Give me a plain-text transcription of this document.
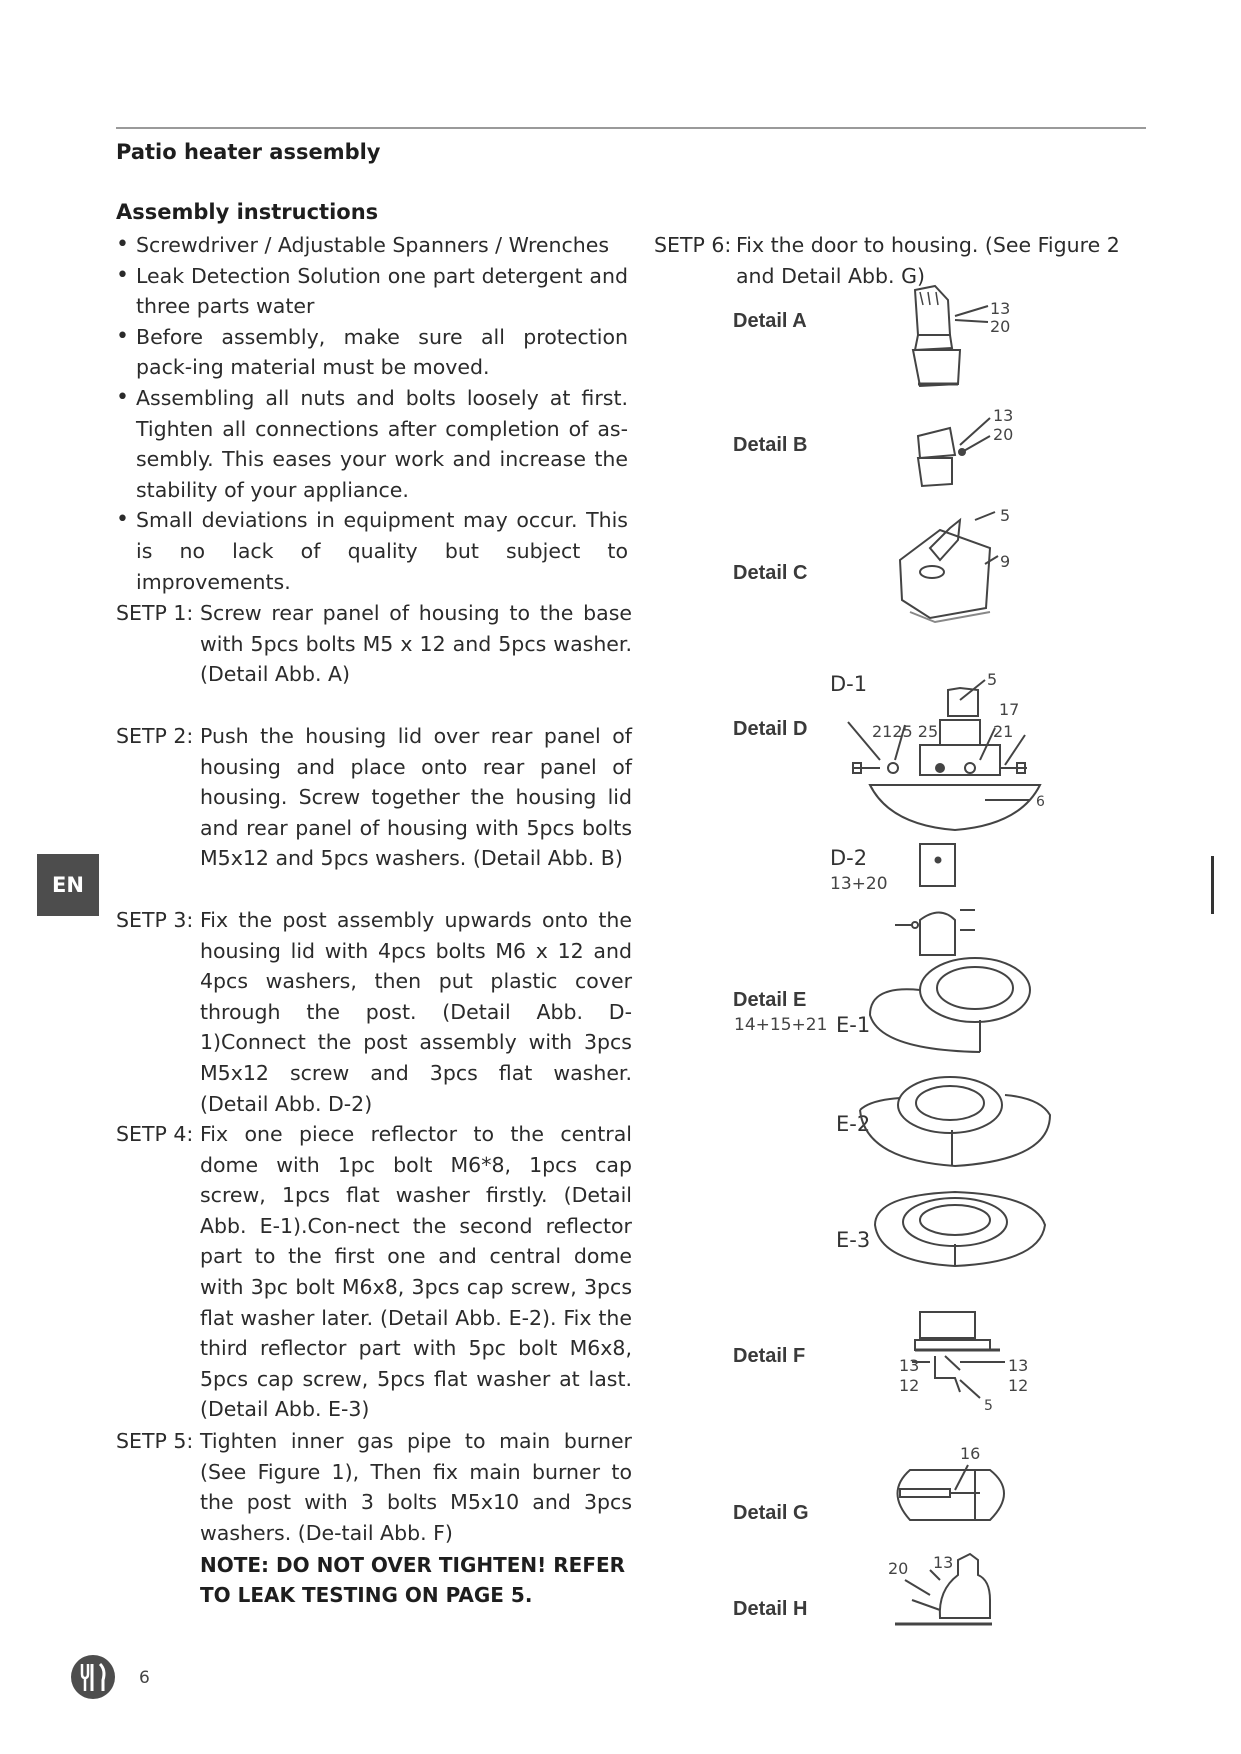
Patio heater assembly
Assembly instructions
• Screwdriver / Adjustable Spanners / Wrenches
• Leak Detection Solution one part detergent and three parts water
• Before assembly, make sure all protection pack-ing material must be moved.
• Assembling all nuts and bolts loosely at first. Tighten all connections after completion of as-sembly. This eases your work and increase the stability of your appliance.
• Small deviations in equipment may occur. This is no lack of quality but subject to improvements.
SETP 1: Screw rear panel of housing to the base with 5pcs bolts M5 x 12 and 5pcs washer. (Detail Abb. A)
SETP 2: Push the housing lid over rear panel of housing and place onto rear panel of housing. Screw together the housing lid and rear panel of housing with 5pcs bolts M5x12 and 5pcs washers. (Detail Abb. B)
SETP 3: Fix the post assembly upwards onto the housing lid with 4pcs bolts M6 x 12 and 4pcs washers, then put plastic cover through the post. (Detail Abb. D-1)Connect the post assembly with 3pcs M5x12 screw and 3pcs flat washer. (Detail Abb. D-2)
SETP 4: Fix one piece reflector to the central dome with 1pc bolt M6*8, 1pcs cap screw, 1pcs flat washer firstly. (Detail Abb. E-1).Con-nect the second reflector part to the first one and central dome with 3pc bolt M6x8, 3pcs cap screw, 3pcs flat washer later. (Detail Abb. E-2). Fix the third reflector part with 5pc bolt M6x8, 5pcs cap screw, 5pcs flat washer at last. (Detail Abb. E-3)
SETP 5: Tighten inner gas pipe to main burner (See Figure 1), Then fix main burner to the post with 3 bolts M5x10 and 3pcs washers. (De-tail Abb. F)
NOTE: DO NOT OVER TIGHTEN! REFER TO LEAK TESTING ON PAGE 5.
SETP 6: Fix the door to housing. (See Figure 2 and Detail Abb. G)
Detail A
Detail B
Detail C
Detail D
Detail E
14+15+21
Detail F
Detail G
Detail H
D-1
D-2
13+20
E-1
E-2
E-3
13
20
13
20
5
9
5
17
21
2125 25
6
13
12
13
12
5
16
20 13
EN
6
